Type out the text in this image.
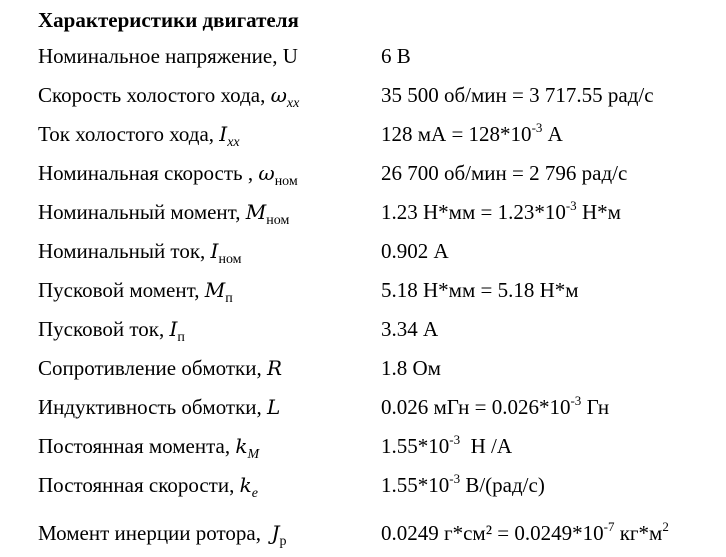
Характеристики двигателя
Номинальное напряжение, U	6 В
Скорость холостого хода, $\omega_{xx}$	35 500 об/мин = 3 717.55 рад/с
Ток холостого хода, $I_{xx}$	128 мА = $128*10^{-3}$ А
Номинальная скорость , $\omega_{ном}$	26 700 об/мин = 2 796 рад/с
Номинальный момент, $M_{ном}$	1.23 $Н*мм = 1.23*10^{-3}$ Н*м
Номинальный ток, $I_{ном}$	0.902 А
Пусковой момент, $M_п$	5.18 Н*мм = 5.18 Н*м
Пусковой ток, $I_п$	3.34 А
Сопротивление обмотки, R	1.8 Ом
Индуктивность обмотки, L	0.026 мГн = $0.026*10^{-3}$ Гн
Постоянная момента, $k_M$	$1.55*10^{-3}$  Н /А
Постоянная скорости, $k_e$	$1.55*10^{-3}$ В/(рад/с)
Момент инерции ротора,  $J_р$	0.0249 $г*см^2 = 0.0249*10^{-7}$ $кг*м^2$
